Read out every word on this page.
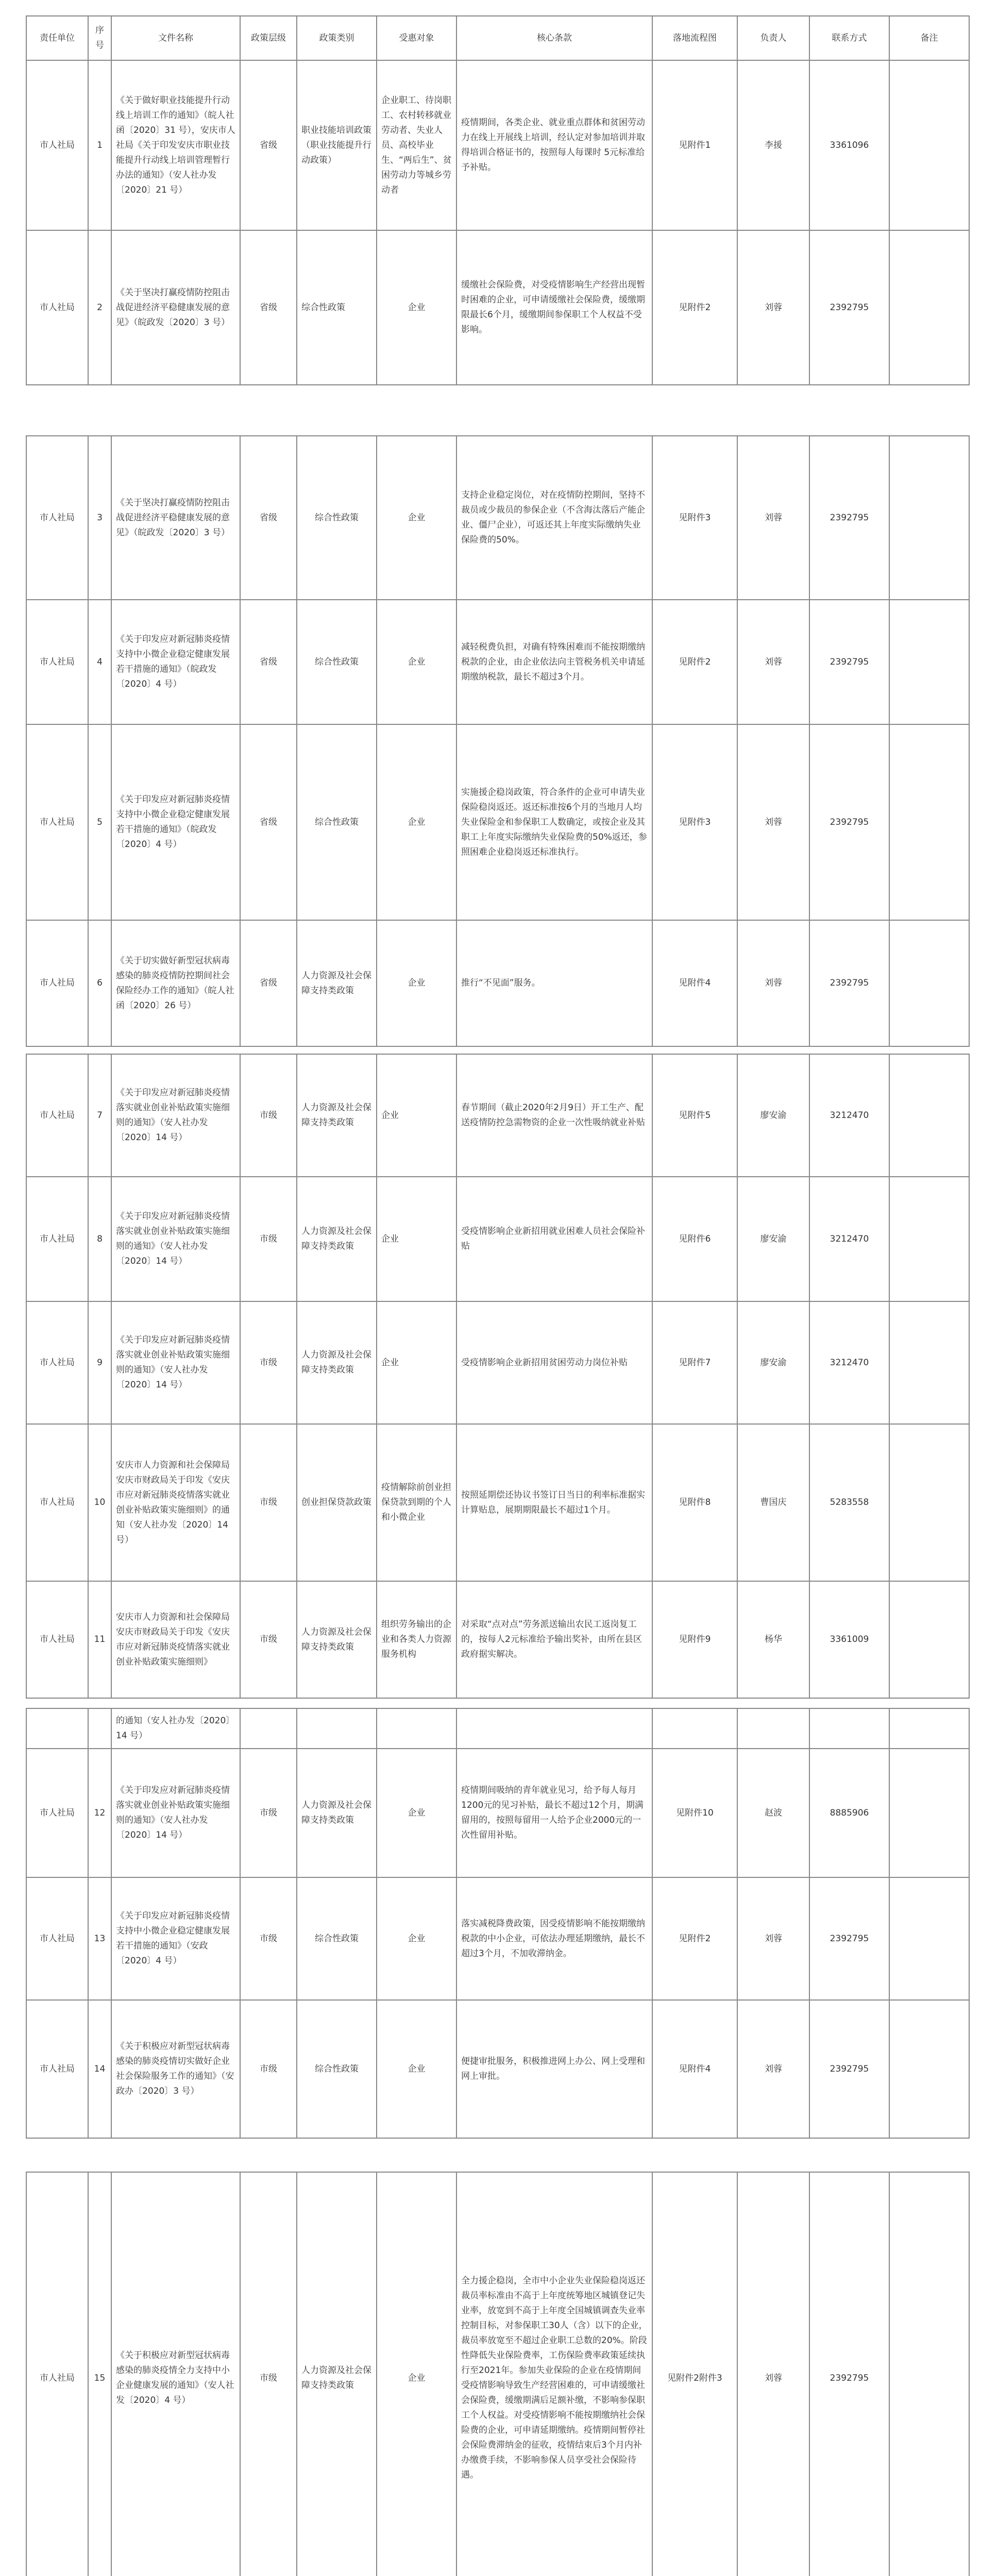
责任单位	序号	文件名称	政策层级	政策类别	受惠对象	核心条款	落地流程图	负责人	联系方式	备注
市人社局	1	《关于做好职业技能提升行动线上培训工作的通知》（皖人社函〔2020〕31 号），安庆市人社局《关于印发安庆市职业技能提升行动线上培训管理暂行办法的通知》（安人社办发〔2020〕21 号）	省级	职业技能培训政策（职业技能提升行动政策）	企业职工、待岗职工、农村转移就业劳动者、失业人员、高校毕业生、“两后生”、贫困劳动力等城乡劳动者	疫情期间，各类企业、就业重点群体和贫困劳动力在线上开展线上培训，经认定对参加培训并取得培训合格证书的，按照每人每课时 5元标准给予补贴。	见附件1	李援	3361096	
市人社局	2	《关于坚决打赢疫情防控阻击战促进经济平稳健康发展的意见》（皖政发〔2020〕3 号）	省级	综合性政策	企业	缓缴社会保险费，对受疫情影响生产经营出现暂时困难的企业，可申请缓缴社会保险费，缓缴期限最长6个月，缓缴期间参保职工个人权益不受影响。	见附件2	刘蓉	2392795	
市人社局	3	《关于坚决打赢疫情防控阻击战促进经济平稳健康发展的意见》（皖政发〔2020〕3 号）	省级	综合性政策	企业	支持企业稳定岗位，对在疫情防控期间，坚持不裁员或少裁员的参保企业（不含海汰落后产能企业、僵尸企业），可返还其上年度实际缴纳失业保险费的50%。	见附件3	刘蓉	2392795	
市人社局	4	《关于印发应对新冠肺炎疫情支持中小微企业稳定健康发展若干措施的通知》（皖政发〔2020〕4 号）	省级	综合性政策	企业	减轻税费负担，对确有特殊困难而不能按期缴纳税款的企业，由企业依法向主管税务机关申请延期缴纳税款，最长不超过3个月。	见附件2	刘蓉	2392795	
市人社局	5	《关于印发应对新冠肺炎疫情支持中小微企业稳定健康发展若干措施的通知》（皖政发〔2020〕4 号）	省级	综合性政策	企业	实施援企稳岗政策，符合条件的企业可申请失业保险稳岗返还。返还标准按6个月的当地月人均失业保险金和参保职工人数确定，或按企业及其职工上年度实际缴纳失业保险费的50%返还，参照困难企业稳岗返还标准执行。	见附件3	刘蓉	2392795	
市人社局	6	《关于切实做好新型冠状病毒感染的肺炎疫情防控期间社会保险经办工作的通知》（皖人社函〔2020〕26 号）	省级	人力资源及社会保障支持类政策	企业	推行“不见面”服务。	见附件4	刘蓉	2392795	
市人社局	7	《关于印发应对新冠肺炎疫情落实就业创业补贴政策实施细则的通知》（安人社办发〔2020〕14 号）	市级	人力资源及社会保障支持类政策	企业	春节期间（截止2020年2月9日）开工生产、配送疫情防控急需物资的企业一次性吸纳就业补贴	见附件5	廖安渝	3212470	
市人社局	8	《关于印发应对新冠肺炎疫情落实就业创业补贴政策实施细则的通知》（安人社办发〔2020〕14 号）	市级	人力资源及社会保障支持类政策	企业	受疫情影响企业新招用就业困难人员社会保险补贴	见附件6	廖安渝	3212470	
市人社局	9	《关于印发应对新冠肺炎疫情落实就业创业补贴政策实施细则的通知》（安人社办发〔2020〕14 号）	市级	人力资源及社会保障支持类政策	企业	受疫情影响企业新招用贫困劳动力岗位补贴	见附件7	廖安渝	3212470	
市人社局	10	安庆市人力资源和社会保障局 安庆市财政局关于印发《安庆市应对新冠肺炎疫情落实就业创业补贴政策实施细则》的通知（安人社办发〔2020〕14 号）	市级	创业担保贷款政策	疫情解除前创业担保贷款到期的个人和小微企业	按照延期偿还协议书签订日当日的利率标准据实计算贴息，展期期限最长不超过1个月。	见附件8	曹国庆	5283558	
市人社局	11	安庆市人力资源和社会保障局 安庆市财政局关于印发《安庆市应对新冠肺炎疫情落实就业创业补贴政策实施细则》	市级	人力资源及社会保障支持类政策	组织劳务输出的企业和各类人力资源服务机构	对采取“点对点”劳务派送输出农民工返岗复工的，按每人2元标准给予输出奖补，由所在县区政府据实解决。	见附件9	杨华	3361009	
		的通知（安人社办发〔2020〕14 号）								
市人社局	12	《关于印发应对新冠肺炎疫情落实就业创业补贴政策实施细则的通知》（安人社办发〔2020〕14 号）	市级	人力资源及社会保障支持类政策	企业	疫情期间吸纳的青年就业见习，给予每人每月1200元的见习补贴，最长不超过12个月，期满留用的，按照每留用一人给予企业2000元的一次性留用补贴。	见附件10	赵波	8885906	
市人社局	13	《关于印发应对新冠肺炎疫情支持中小微企业稳定健康发展若干措施的通知》（安政〔2020〕4 号）	市级	综合性政策	企业	落实减税降费政策，因受疫情影响不能按期缴纳税款的中小企业，可依法办理延期缴纳，最长不超过3个月，不加收滞纳金。	见附件2	刘蓉	2392795	
市人社局	14	《关于积极应对新型冠状病毒感染的肺炎疫情切实做好企业社会保险服务工作的通知》（安政办〔2020〕3 号）	市级	综合性政策	企业	便捷审批服务，积极推进网上办公、网上受理和网上审批。	见附件4	刘蓉	2392795	
市人社局	15	《关于积极应对新型冠状病毒感染的肺炎疫情全力支持中小企业健康发展的通知》（安人社发〔2020〕4 号）	市级	人力资源及社会保障支持类政策	企业	全力援企稳岗，全市中小企业失业保险稳岗返还裁员率标准由不高于上年度统筹地区城镇登记失业率，放宽到不高于上年度全国城镇调查失业率控制目标，对参保职工30人（含）以下的企业，裁员率放宽至不超过企业职工总数的20%。阶段性降低失业保险费率，工伤保险费率政策延续执行至2021年。参加失业保险的企业在疫情期间受疫情影响导致生产经营困难的，可申请缓缴社会保险费，缓缴期满后足额补缴，不影响参保职工个人权益。对受疫情影响不能按期缴纳社会保险费的企业，可申请延期缴纳。疫情期间暂停社会保险费滞纳金的征收，疫情结束后3个月内补办缴费手续，不影响参保人员享受社会保险待遇。	见附件2附件3	刘蓉	2392795	
